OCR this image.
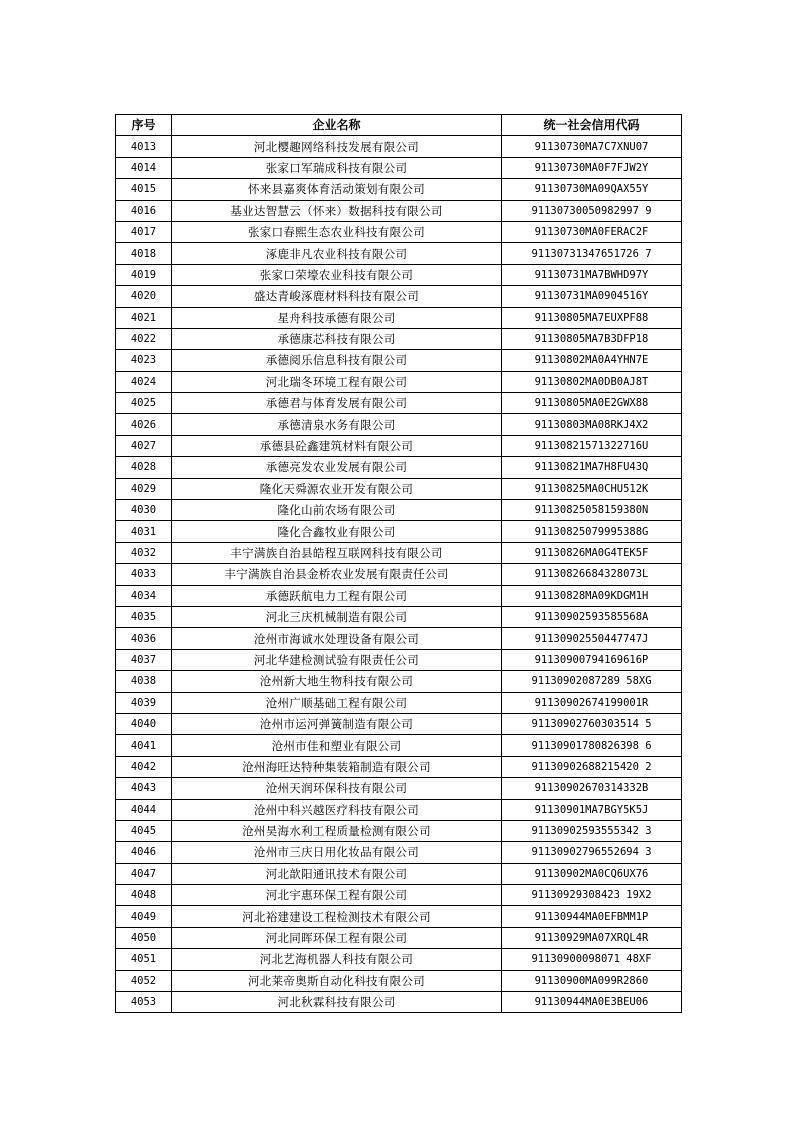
序号	企业名称	统一社会信用代码
4013	河北樱趣网络科技发展有限公司	91130730MA7C7XNU07
4014	张家口军瑞成科技有限公司	91130730MA0F7FJW2Y
4015	怀来县嘉爽体育活动策划有限公司	91130730MA09QAX55Y
4016	基业达智慧云（怀来）数据科技有限公司	91130730050982997 9
4017	张家口春熙生态农业科技有限公司	91130730MA0FERAC2F
4018	涿鹿非凡农业科技有限公司	91130731347651726 7
4019	张家口荣壕农业科技有限公司	91130731MA7BWHD97Y
4020	盛达青峻涿鹿材料科技有限公司	91130731MA0904516Y
4021	星舟科技承德有限公司	91130805MA7EUXPF88
4022	承德康芯科技有限公司	91130805MA7B3DFP18
4023	承德阅乐信息科技有限公司	91130802MA0A4YHN7E
4024	河北瑞冬环境工程有限公司	91130802MA0DB0AJ8T
4025	承德君与体育发展有限公司	91130805MA0E2GWX88
4026	承德清泉水务有限公司	91130803MA08RKJ4X2
4027	承德县砼鑫建筑材料有限公司	91130821571322716U
4028	承德亮发农业发展有限公司	91130821MA7H8FU43Q
4029	隆化天舜源农业开发有限公司	91130825MA0CHU512K
4030	隆化山前农场有限公司	91130825058159380N
4031	隆化合鑫牧业有限公司	91130825079995388G
4032	丰宁满族自治县皓程互联网科技有限公司	91130826MA0G4TEK5F
4033	丰宁满族自治县金桥农业发展有限责任公司	91130826684328073L
4034	承德跃航电力工程有限公司	91130828MA09KDGM1H
4035	河北三庆机械制造有限公司	91130902593585568A
4036	沧州市海诚水处理设备有限公司	91130902550447747J
4037	河北华建检测试验有限责任公司	91130900794169616P
4038	沧州新大地生物科技有限公司	91130902087289 58XG
4039	沧州广顺基础工程有限公司	91130902674199001R
4040	沧州市运河弹簧制造有限公司	91130902760303514 5
4041	沧州市佳和塑业有限公司	91130901780826398 6
4042	沧州海旺达特种集装箱制造有限公司	91130902688215420 2
4043	沧州天润环保科技有限公司	91130902670314332B
4044	沧州中科兴越医疗科技有限公司	91130901MA7BGY5K5J
4045	沧州昊海水利工程质量检测有限公司	91130902593555342 3
4046	沧州市三庆日用化妆品有限公司	91130902796552694 3
4047	河北歆阳通讯技术有限公司	91130902MA0CQ6UX76
4048	河北宇惠环保工程有限公司	91130929308423 19X2
4049	河北裕建建设工程检测技术有限公司	91130944MA0EFBMM1P
4050	河北同晖环保工程有限公司	91130929MA07XRQL4R
4051	河北艺海机器人科技有限公司	91130900098071 48XF
4052	河北莱帝奥斯自动化科技有限公司	91130900MA099R2860
4053	河北秋霖科技有限公司	91130944MA0E3BEU06
